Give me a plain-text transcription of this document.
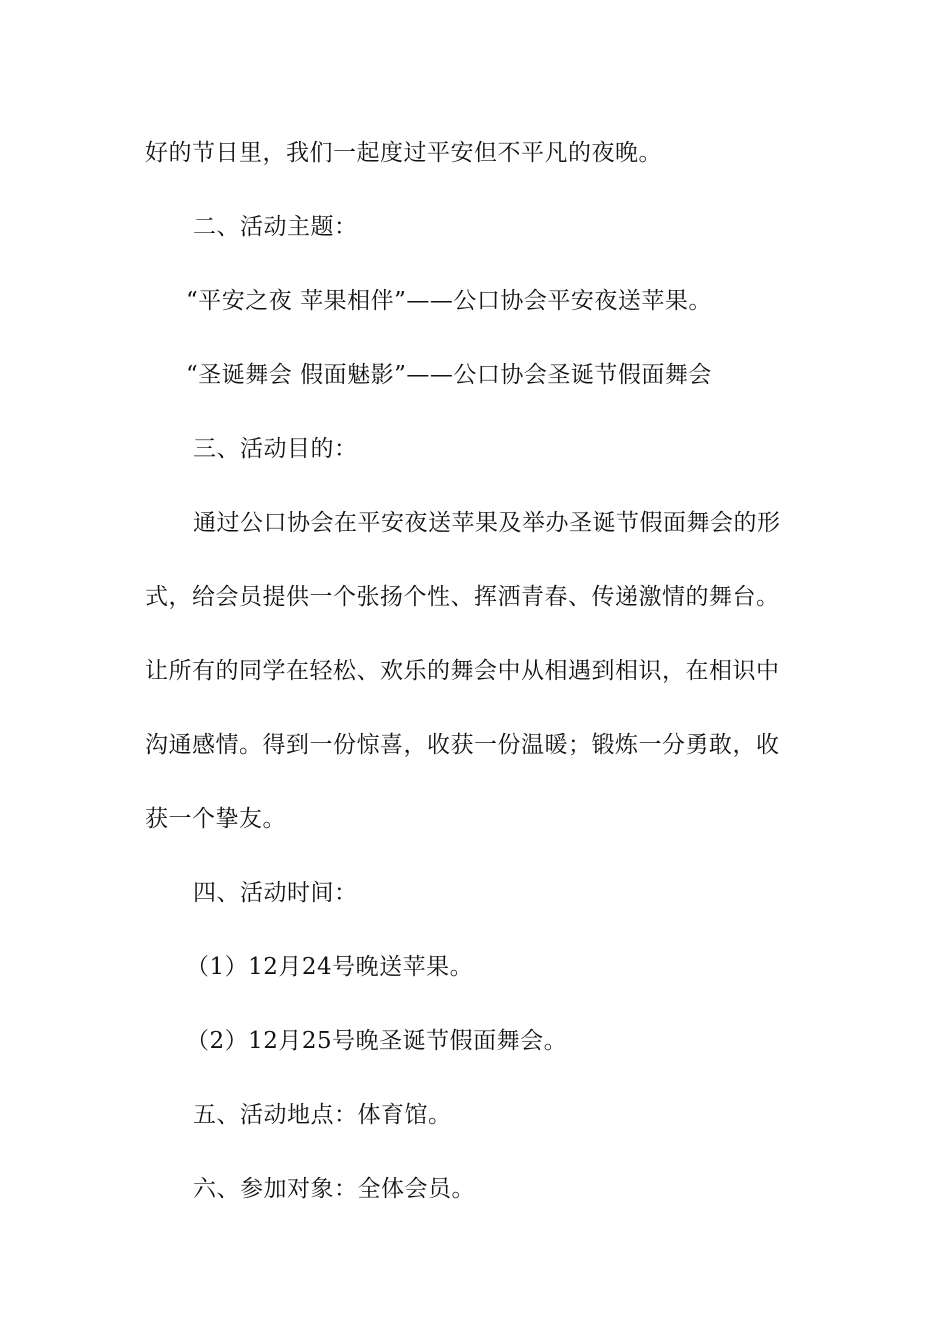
好的节日里，我们一起度过平安但不平凡的夜晚。
二、活动主题：
“平安之夜 苹果相伴”——公口协会平安夜送苹果。
“圣诞舞会 假面魅影”——公口协会圣诞节假面舞会
三、活动目的：
通过公口协会在平安夜送苹果及举办圣诞节假面舞会的形
式，给会员提供一个张扬个性、挥洒青春、传递激情的舞台。
让所有的同学在轻松、欢乐的舞会中从相遇到相识，在相识中
沟通感情。得到一份惊喜，收获一份温暖；锻炼一分勇敢，收
获一个挚友。
四、活动时间：
（1）12月24号晚送苹果。
（2）12月25号晚圣诞节假面舞会。
五、活动地点：体育馆。
六、参加对象：全体会员。
